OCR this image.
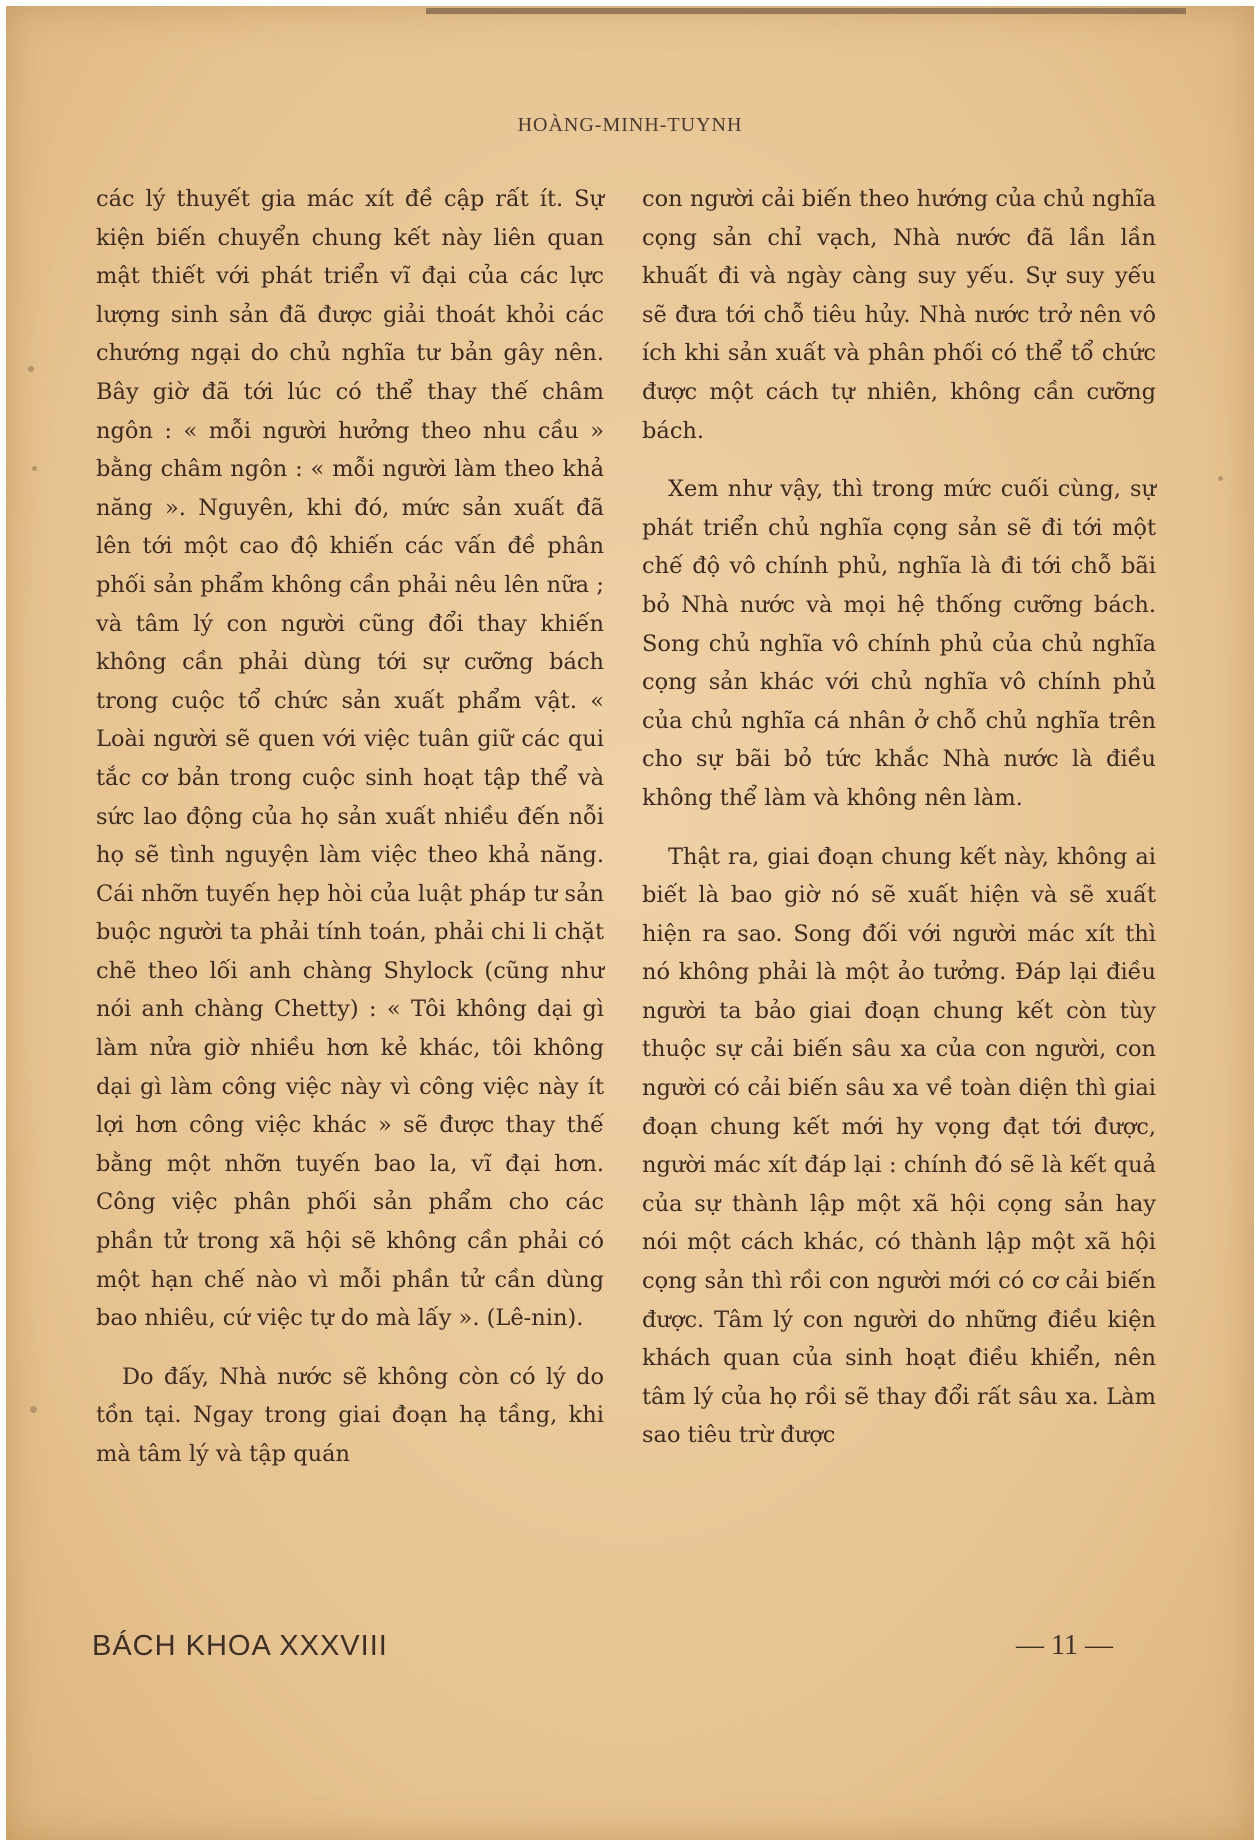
HOÀNG-MINH-TUYNH

các lý thuyết gia mác xít đề cập rất ít. Sự kiện biến chuyển chung kết này liên quan mật thiết với phát triển vĩ đại của các lực lượng sinh sản đã được giải thoát khỏi các chướng ngại do chủ nghĩa tư bản gây nên. Bây giờ đã tới lúc có thể thay thế châm ngôn : « mỗi người hưởng theo nhu cầu » bằng châm ngôn : « mỗi người làm theo khả năng ». Nguyên, khi đó, mức sản xuất đã lên tới một cao độ khiến các vấn đề phân phối sản phẩm không cần phải nêu lên nữa ; và tâm lý con người cũng đổi thay khiến không cần phải dùng tới sự cưỡng bách trong cuộc tổ chức sản xuất phẩm vật. « Loài người sẽ quen với việc tuân giữ các qui tắc cơ bản trong cuộc sinh hoạt tập thể và sức lao động của họ sản xuất nhiều đến nỗi họ sẽ tình nguyện làm việc theo khả năng. Cái nhỡn tuyến hẹp hòi của luật pháp tư sản buộc người ta phải tính toán, phải chi li chặt chẽ theo lối anh chàng Shylock (cũng như nói anh chàng Chetty) : « Tôi không dại gì làm nửa giờ nhiều hơn kẻ khác, tôi không dại gì làm công việc này vì công việc này ít lợi hơn công việc khác » sẽ được thay thế bằng một nhỡn tuyến bao la, vĩ đại hơn. Công việc phân phối sản phẩm cho các phần tử trong xã hội sẽ không cần phải có một hạn chế nào vì mỗi phần tử cần dùng bao nhiêu, cứ việc tự do mà lấy ». (Lê-nin).

Do đấy, Nhà nước sẽ không còn có lý do tồn tại. Ngay trong giai đoạn hạ tầng, khi mà tâm lý và tập quán

con người cải biến theo hướng của chủ nghĩa cọng sản chỉ vạch, Nhà nước đã lần lần khuất đi và ngày càng suy yếu. Sự suy yếu sẽ đưa tới chỗ tiêu hủy. Nhà nước trở nên vô ích khi sản xuất và phân phối có thể tổ chức được một cách tự nhiên, không cần cưỡng bách.

Xem như vậy, thì trong mức cuối cùng, sự phát triển chủ nghĩa cọng sản sẽ đi tới một chế độ vô chính phủ, nghĩa là đi tới chỗ bãi bỏ Nhà nước và mọi hệ thống cưỡng bách. Song chủ nghĩa vô chính phủ của chủ nghĩa cọng sản khác với chủ nghĩa vô chính phủ của chủ nghĩa cá nhân ở chỗ chủ nghĩa trên cho sự bãi bỏ tức khắc Nhà nước là điều không thể làm và không nên làm.

Thật ra, giai đoạn chung kết này, không ai biết là bao giờ nó sẽ xuất hiện và sẽ xuất hiện ra sao. Song đối với người mác xít thì nó không phải là một ảo tưởng. Đáp lại điều người ta bảo giai đoạn chung kết còn tùy thuộc sự cải biến sâu xa của con người, con người có cải biến sâu xa về toàn diện thì giai đoạn chung kết mới hy vọng đạt tới được, người mác xít đáp lại : chính đó sẽ là kết quả của sự thành lập một xã hội cọng sản hay nói một cách khác, có thành lập một xã hội cọng sản thì rồi con người mới có cơ cải biến được. Tâm lý con người do những điều kiện khách quan của sinh hoạt điều khiển, nên tâm lý của họ rồi sẽ thay đổi rất sâu xa. Làm sao tiêu trừ được

BÁCH KHOA XXXVIII	— 11 —
